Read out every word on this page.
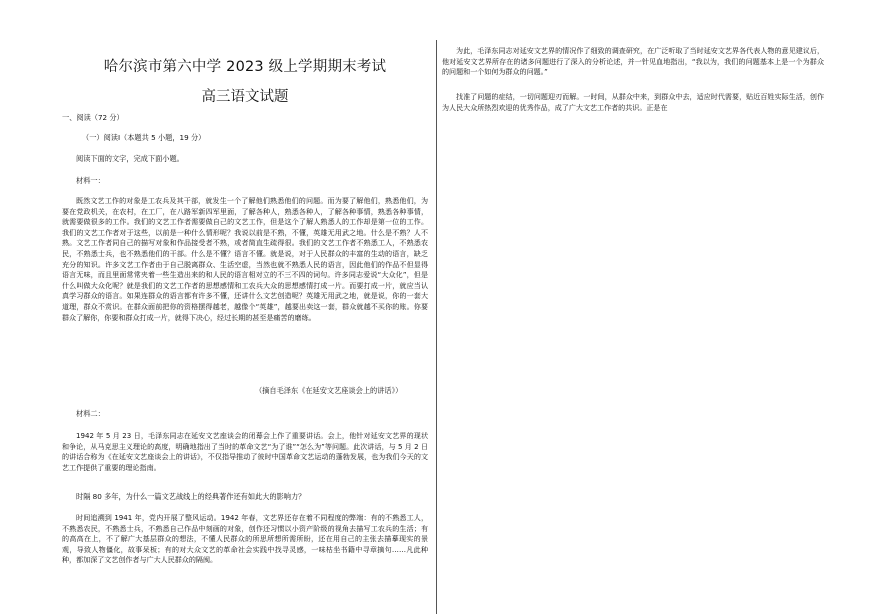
哈尔滨市第六中学 2023 级上学期期末考试
高三语文试题
一、阅读（72 分）
（一）阅读Ⅰ（本题共 5 小题，19 分）
阅读下面的文字，完成下面小题。
材料一：
既然文艺工作的对象是工农兵及其干部，就发生一个了解他们熟悉他们的问题。而为要了解他们，熟悉他们，为要在党政机关，在农村，在工厂，在八路军新四军里面，了解各种人，熟悉各种人，了解各种事情，熟悉各种事情，就需要做很多的工作。我们的文艺工作者需要做自己的文艺工作，但是这个了解人熟悉人的工作却是第一位的工作。我们的文艺工作者对于这些，以前是一种什么情形呢？我说以前是不熟，不懂，英雄无用武之地。什么是不熟？人不熟。文艺工作者同自己的描写对象和作品接受者不熟，或者简直生疏得很。我们的文艺工作者不熟悉工人，不熟悉农民，不熟悉士兵，也不熟悉他们的干部。什么是不懂？语言不懂。就是说，对于人民群众的丰富的生动的语言，缺乏充分的知识。许多文艺工作者由于自己脱离群众、生活空虚，当然也就不熟悉人民的语言，因此他们的作品不但显得语言无味，而且里面常常夹着一些生造出来的和人民的语言相对立的不三不四的词句。许多同志爱说“大众化”，但是什么叫做大众化呢？就是我们的文艺工作者的思想感情和工农兵大众的思想感情打成一片。而要打成一片，就应当认真学习群众的语言。如果连群众的语言都有许多不懂，还讲什么文艺创造呢？英雄无用武之地，就是说，你的一套大道理，群众不赏识。在群众面前把你的资格摆得越老，越像个“英雄”，越要出卖这一套，群众就越不买你的账。你要群众了解你，你要和群众打成一片，就得下决心，经过长期的甚至是痛苦的磨练。
（摘自毛泽东《在延安文艺座谈会上的讲话》）
材料二：
1942 年 5 月 23 日，毛泽东同志在延安文艺座谈会的闭幕会上作了重要讲话。会上，他针对延安文艺界的现状和争论，从马克思主义理论的高度，明确地指出了当时的革命文艺“为了谁”“怎么为”等问题。此次讲话，与 5 月 2 日的讲话合称为《在延安文艺座谈会上的讲话》，不仅指导推动了彼时中国革命文艺运动的蓬勃发展，也为我们今天的文艺工作提供了重要的理论指南。
时隔 80 多年，为什么一篇文艺战线上的经典著作还有如此大的影响力？
时间追溯到 1941 年，党内开展了整风运动。1942 年春，文艺界还存在着不同程度的弊端：有的不熟悉工人，不熟悉农民，不熟悉士兵，不熟悉自己作品中刻画的对象，创作还习惯以小资产阶级的视角去描写工农兵的生活；有的高高在上，不了解广大基层群众的想法，不懂人民群众的所思所想所需所盼，还在用自己的主张去描摹现实的景观，导致人物僵化，故事呆板；有的对大众文艺的革命社会实践中找寻灵感，一味枯坐书籍中寻章摘句……凡此种种，都加深了文艺创作者与广大人民群众的隔阂。
为此，毛泽东同志对延安文艺界的情况作了细致的调查研究，在广泛听取了当时延安文艺界各代表人物的意见建议后，他对延安文艺界所存在的诸多问题进行了深入的分析论述，并一针见血地指出，“我以为，我们的问题基本上是一个为群众的问题和一个如何为群众的问题。”
找准了问题的症结，一切问题迎刃而解。一时间，从群众中来，到群众中去，适应时代需要，贴近百姓实际生活，创作为人民大众所热烈欢迎的优秀作品，成了广大文艺工作者的共识。正是在
